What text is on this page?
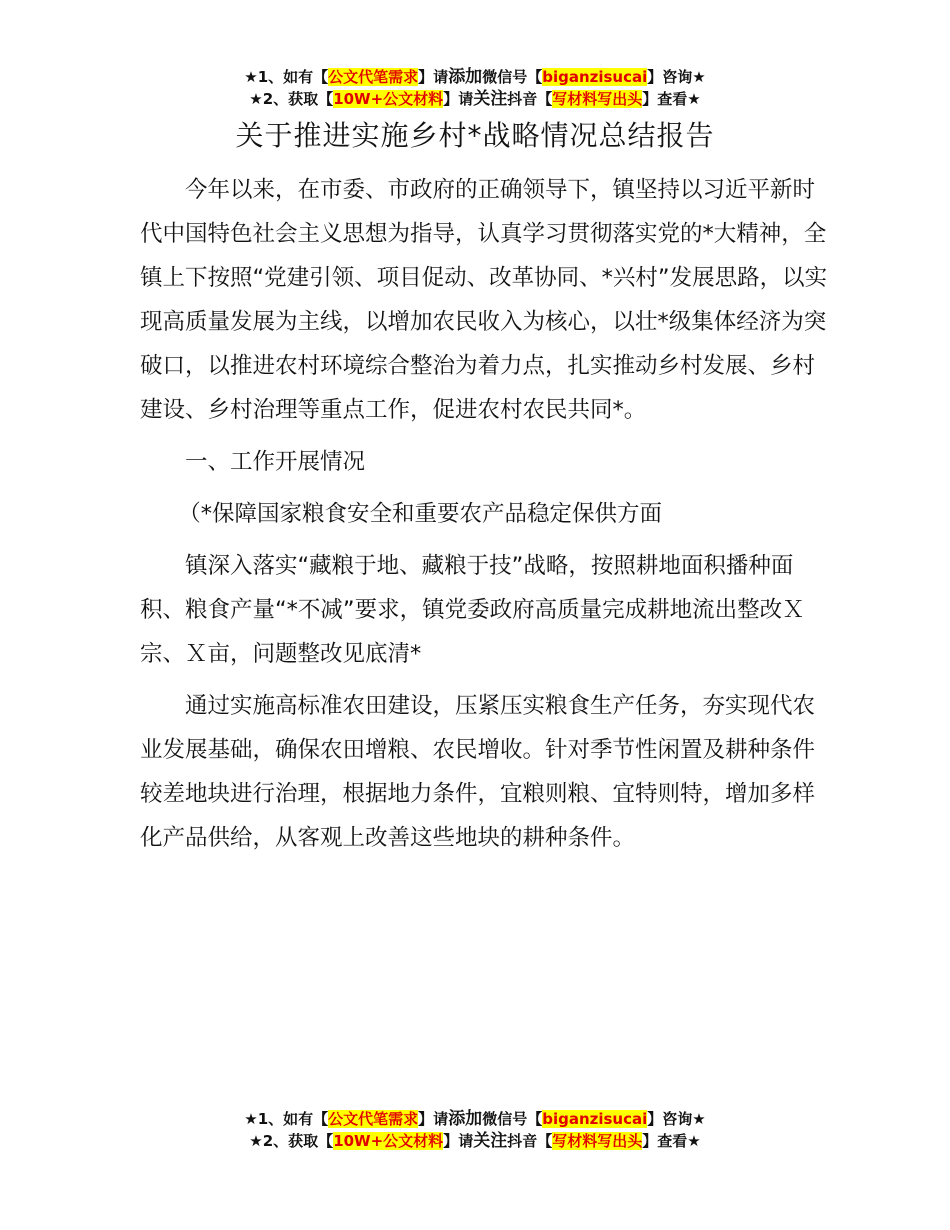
★1、如有【公文代笔需求】请添加微信号【biganzisucai】咨询★
★2、获取【10W+公文材料】请关注抖音【写材料写出头】查看★
关于推进实施乡村*战略情况总结报告

今年以来，在市委、市政府的正确领导下，镇坚持以习近平新时代中国特色社会主义思想为指导，认真学习贯彻落实党的*大精神，全镇上下按照“党建引领、项目促动、改革协同、*兴村”发展思路，以实现高质量发展为主线，以增加农民收入为核心，以壮*级集体经济为突破口，以推进农村环境综合整治为着力点，扎实推动乡村发展、乡村建设、乡村治理等重点工作，促进农村农民共同*。

一、工作开展情况

（*保障国家粮食安全和重要农产品稳定保供方面

镇深入落实“藏粮于地、藏粮于技”战略，按照耕地面积播种面积、粮食产量“*不减”要求，镇党委政府高质量完成耕地流出整改Ｘ宗、Ｘ亩，问题整改见底清*

通过实施高标准农田建设，压紧压实粮食生产任务，夯实现代农业发展基础，确保农田增粮、农民增收。针对季节性闲置及耕种条件较差地块进行治理，根据地力条件，宜粮则粮、宜特则特，增加多样化产品供给，从客观上改善这些地块的耕种条件。

★1、如有【公文代笔需求】请添加微信号【biganzisucai】咨询★
★2、获取【10W+公文材料】请关注抖音【写材料写出头】查看★
